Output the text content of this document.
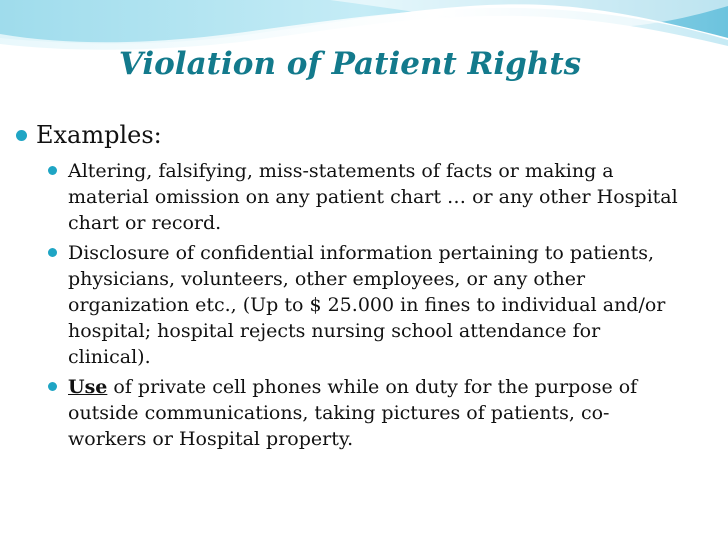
Violation of Patient Rights
Examples:
Altering, falsifying, miss-statements of facts or making a material omission on any patient chart … or any other Hospital chart or record.
Disclosure of confidential information pertaining to patients, physicians, volunteers, other employees, or any other organization etc., (Up to $ 25.000 in fines to individual and/or hospital; hospital rejects nursing school attendance for clinical).
Use of private cell phones while on duty for the purpose of outside communications, taking pictures of patients, co-workers or Hospital property.
